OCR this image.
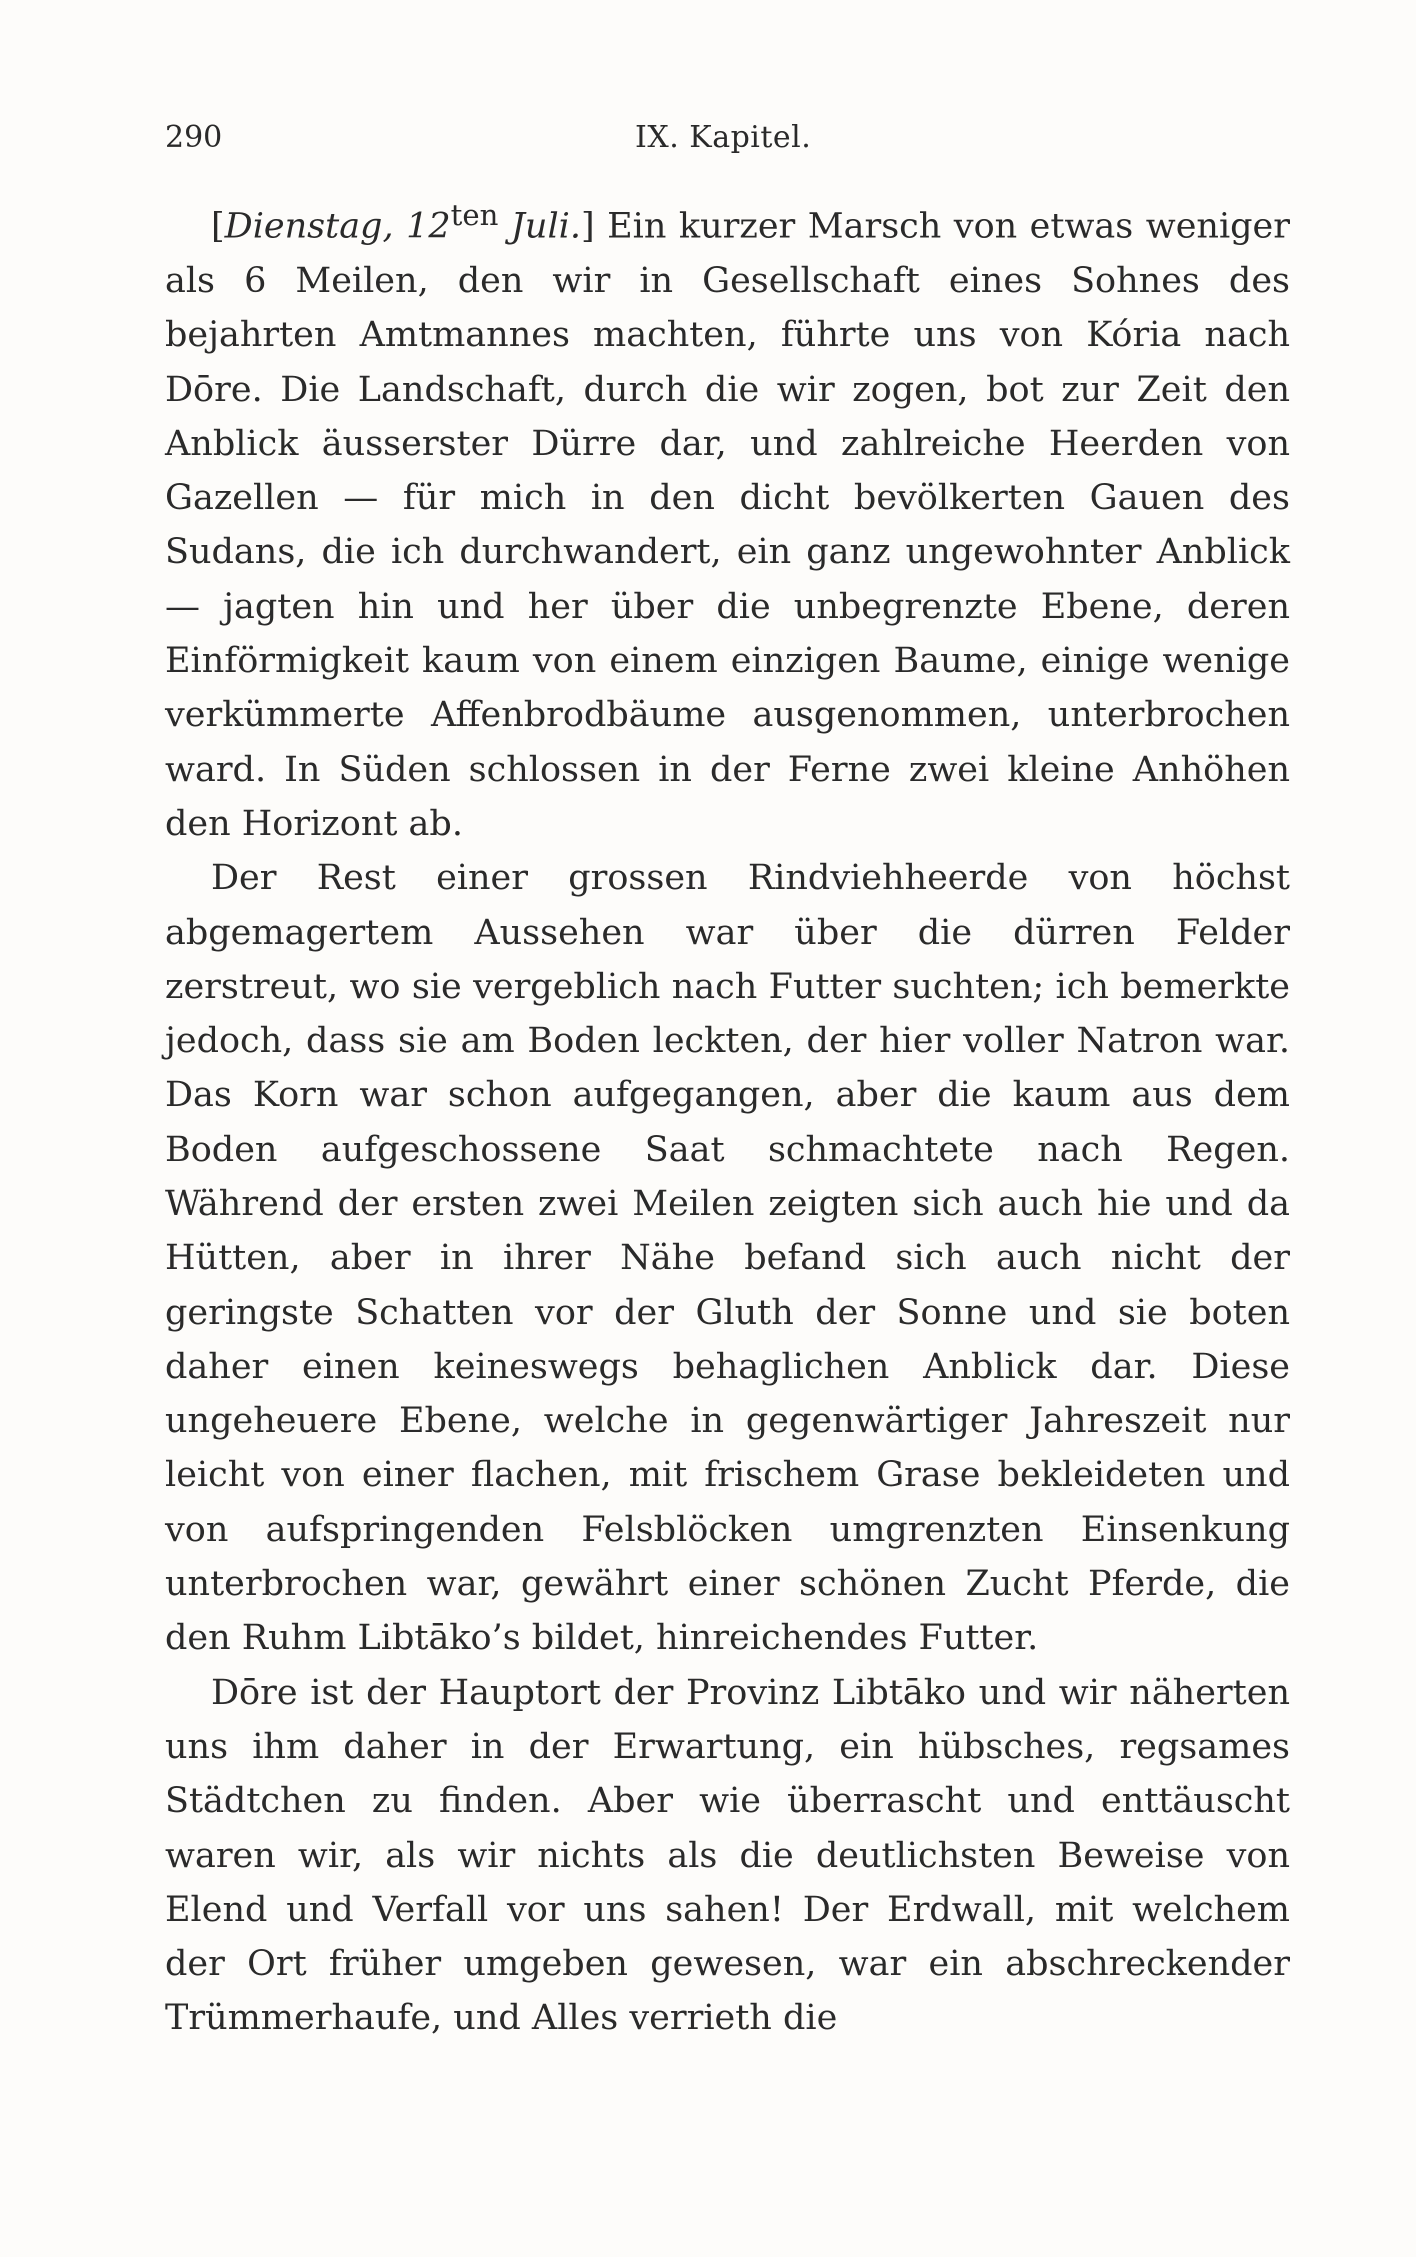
290	IX. Kapitel.

[Dienstag, $12^{ten}$ Juli.] Ein kurzer Marsch von etwas weniger als 6 Meilen, den wir in Gesellschaft eines Sohnes des bejahrten Amtmannes machten, führte uns von Kória nach Dōre. Die Landschaft, durch die wir zogen, bot zur Zeit den Anblick äusserster Dürre dar, und zahlreiche Heerden von Gazellen — für mich in den dicht bevölkerten Gauen des Sudans, die ich durchwandert, ein ganz ungewohnter Anblick — jagten hin und her über die unbegrenzte Ebene, deren Einförmigkeit kaum von einem einzigen Baume, einige wenige verkümmerte Affenbrodbäume ausgenommen, unterbrochen ward. In Süden schlossen in der Ferne zwei kleine Anhöhen den Horizont ab.

Der Rest einer grossen Rindviehheerde von höchst abgemagertem Aussehen war über die dürren Felder zerstreut, wo sie vergeblich nach Futter suchten; ich bemerkte jedoch, dass sie am Boden leckten, der hier voller Natron war. Das Korn war schon aufgegangen, aber die kaum aus dem Boden aufgeschossene Saat schmachtete nach Regen. Während der ersten zwei Meilen zeigten sich auch hie und da Hütten, aber in ihrer Nähe befand sich auch nicht der geringste Schatten vor der Gluth der Sonne und sie boten daher einen keineswegs behaglichen Anblick dar. Diese ungeheuere Ebene, welche in gegenwärtiger Jahreszeit nur leicht von einer flachen, mit frischem Grase bekleideten und von aufspringenden Felsblöcken umgrenzten Einsenkung unterbrochen war, gewährt einer schönen Zucht Pferde, die den Ruhm Libtāko’s bildet, hinreichendes Futter.

Dōre ist der Hauptort der Provinz Libtāko und wir näherten uns ihm daher in der Erwartung, ein hübsches, regsames Städtchen zu finden. Aber wie überrascht und enttäuscht waren wir, als wir nichts als die deutlichsten Beweise von Elend und Verfall vor uns sahen! Der Erdwall, mit welchem der Ort früher umgeben gewesen, war ein abschreckender Trümmerhaufe, und Alles verrieth die
